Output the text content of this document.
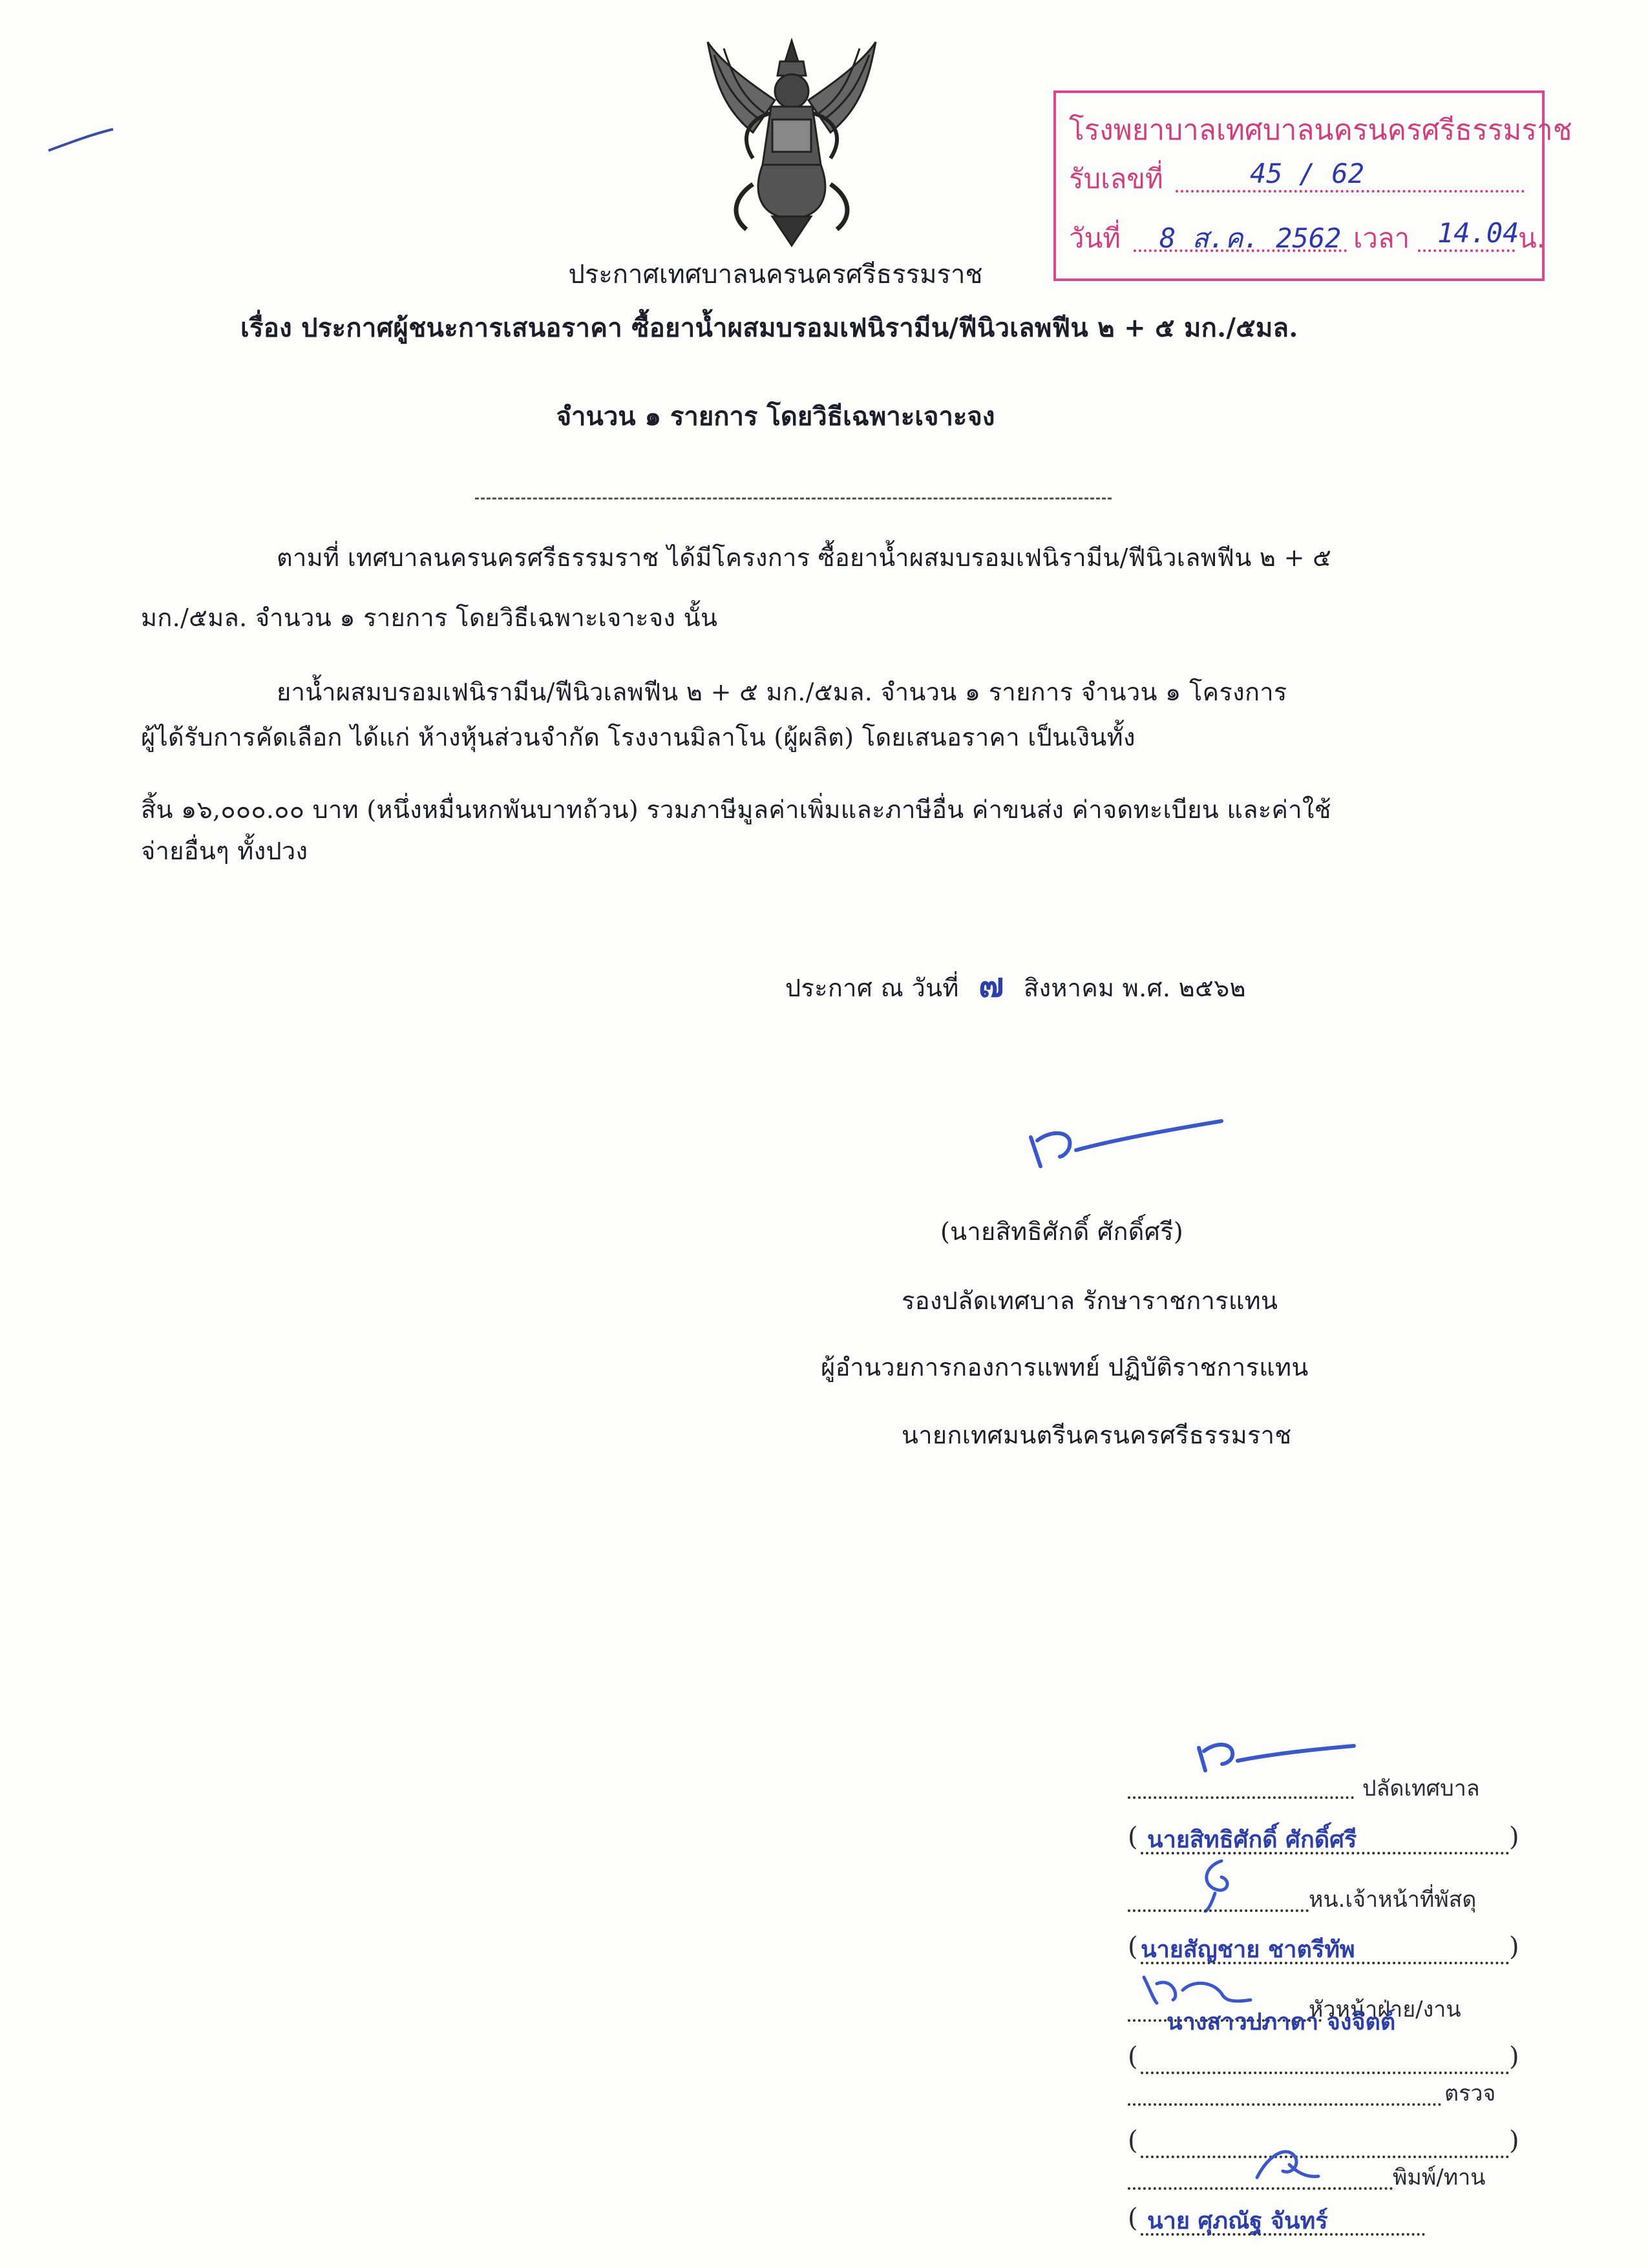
โรงพยาบาลเทศบาลนครนครศรีธรรมราช
รับเลขที่	45 / 62
วันที่ 8 ส.ค. 2562 เวลา 14.04
น.
ประกาศเทศบาลนครนครศรีธรรมราช
เรื่อง ประกาศผู้ชนะการเสนอราคา ซื้อยาน้ำผสมบรอมเฟนิรามีน/ฟีนิวเลพฟีน ๒ + ๕ มก./๕มล.
จำนวน ๑ รายการ โดยวิธีเฉพาะเจาะจง
ตามที่ เทศบาลนครนครศรีธรรมราช ได้มีโครงการ ซื้อยาน้ำผสมบรอมเฟนิรามีน/ฟีนิวเลพฟีน ๒ + ๕
มก./๕มล. จำนวน ๑ รายการ โดยวิธีเฉพาะเจาะจง นั้น
ยาน้ำผสมบรอมเฟนิรามีน/ฟีนิวเลพฟีน ๒ + ๕ มก./๕มล. จำนวน ๑ รายการ จำนวน ๑ โครงการ
ผู้ได้รับการคัดเลือก ได้แก่ ห้างหุ้นส่วนจำกัด โรงงานมิลาโน (ผู้ผลิต) โดยเสนอราคา เป็นเงินทั้ง
สิ้น ๑๖,๐๐๐.๐๐ บาท (หนึ่งหมื่นหกพันบาทถ้วน) รวมภาษีมูลค่าเพิ่มและภาษีอื่น ค่าขนส่ง ค่าจดทะเบียน และค่าใช้
จ่ายอื่นๆ ทั้งปวง
ประกาศ ณ วันที่ ๗ สิงหาคม พ.ศ. ๒๕๖๒
(นายสิทธิศักดิ์ ศักดิ์ศรี)
รองปลัดเทศบาล รักษาราชการแทน
ผู้อำนวยการกองการแพทย์ ปฏิบัติราชการแทน
นายกเทศมนตรีนครนครศรีธรรมราช
ปลัดเทศบาล
( นายสิทธิศักดิ์ ศักดิ์ศรี	)
หน.เจ้าหน้าที่พัสดุ
( นายสัญชาย ชาตรีทัพ	)
หัวหน้าฝ่าย/งาน
(
นางสาวปภาดา จงจิตต์
)
ตรวจ
(	)
พิมพ์/ทาน
( นาย ศุภณัฐ จันทร์
